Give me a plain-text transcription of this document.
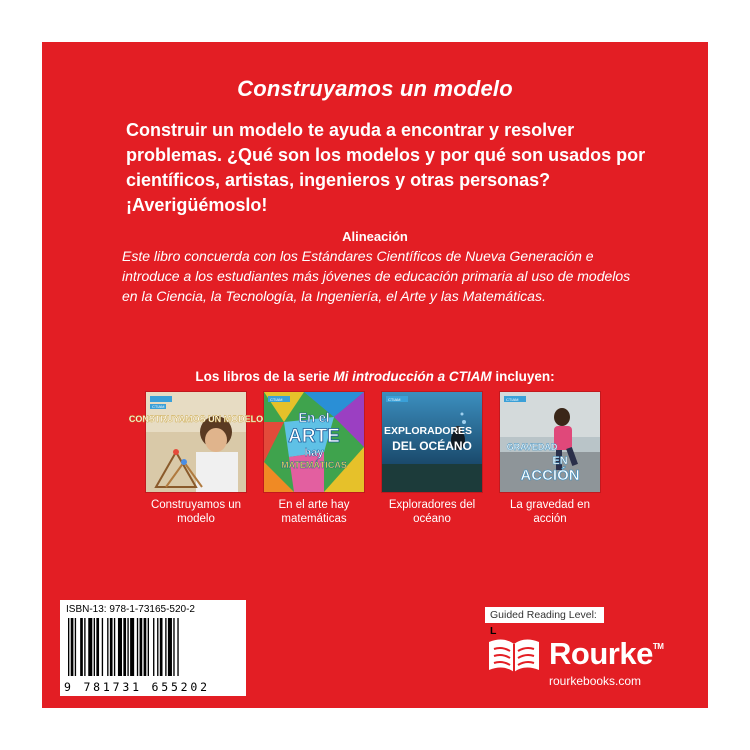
Construyamos un modelo
Construir un modelo te ayuda a encontrar y resolver problemas. ¿Qué son los modelos y por qué son usados por científicos, artistas, ingenieros y otras personas? ¡Averigüémoslo!
Alineación
Este libro concuerda con los Estándares Científicos de Nueva Generación e introduce a los estudiantes más jóvenes de educación primaria al uso de modelos en la Ciencia, la Tecnología, la Ingeniería, el Arte y las Matemáticas.
Los libros de la serie Mi introducción a CTIAM incluyen:
CONSTRUYAMOS UN MODELO
CTIAM
Construyamos un modelo
CTIAM
En el
ARTE
hay
MATEMÁTICAS
En el arte hay matemáticas
CTIAM
EXPLORADORES
DEL OCÉANO
Exploradores del océano
CTIAM
GRAVEDAD
EN
ACCIÓN
La gravedad en acción
ISBN-13: 978-1-73165-520-2
9 781731 655202
Guided Reading Level: L
Rourke™
rourkebooks.com
